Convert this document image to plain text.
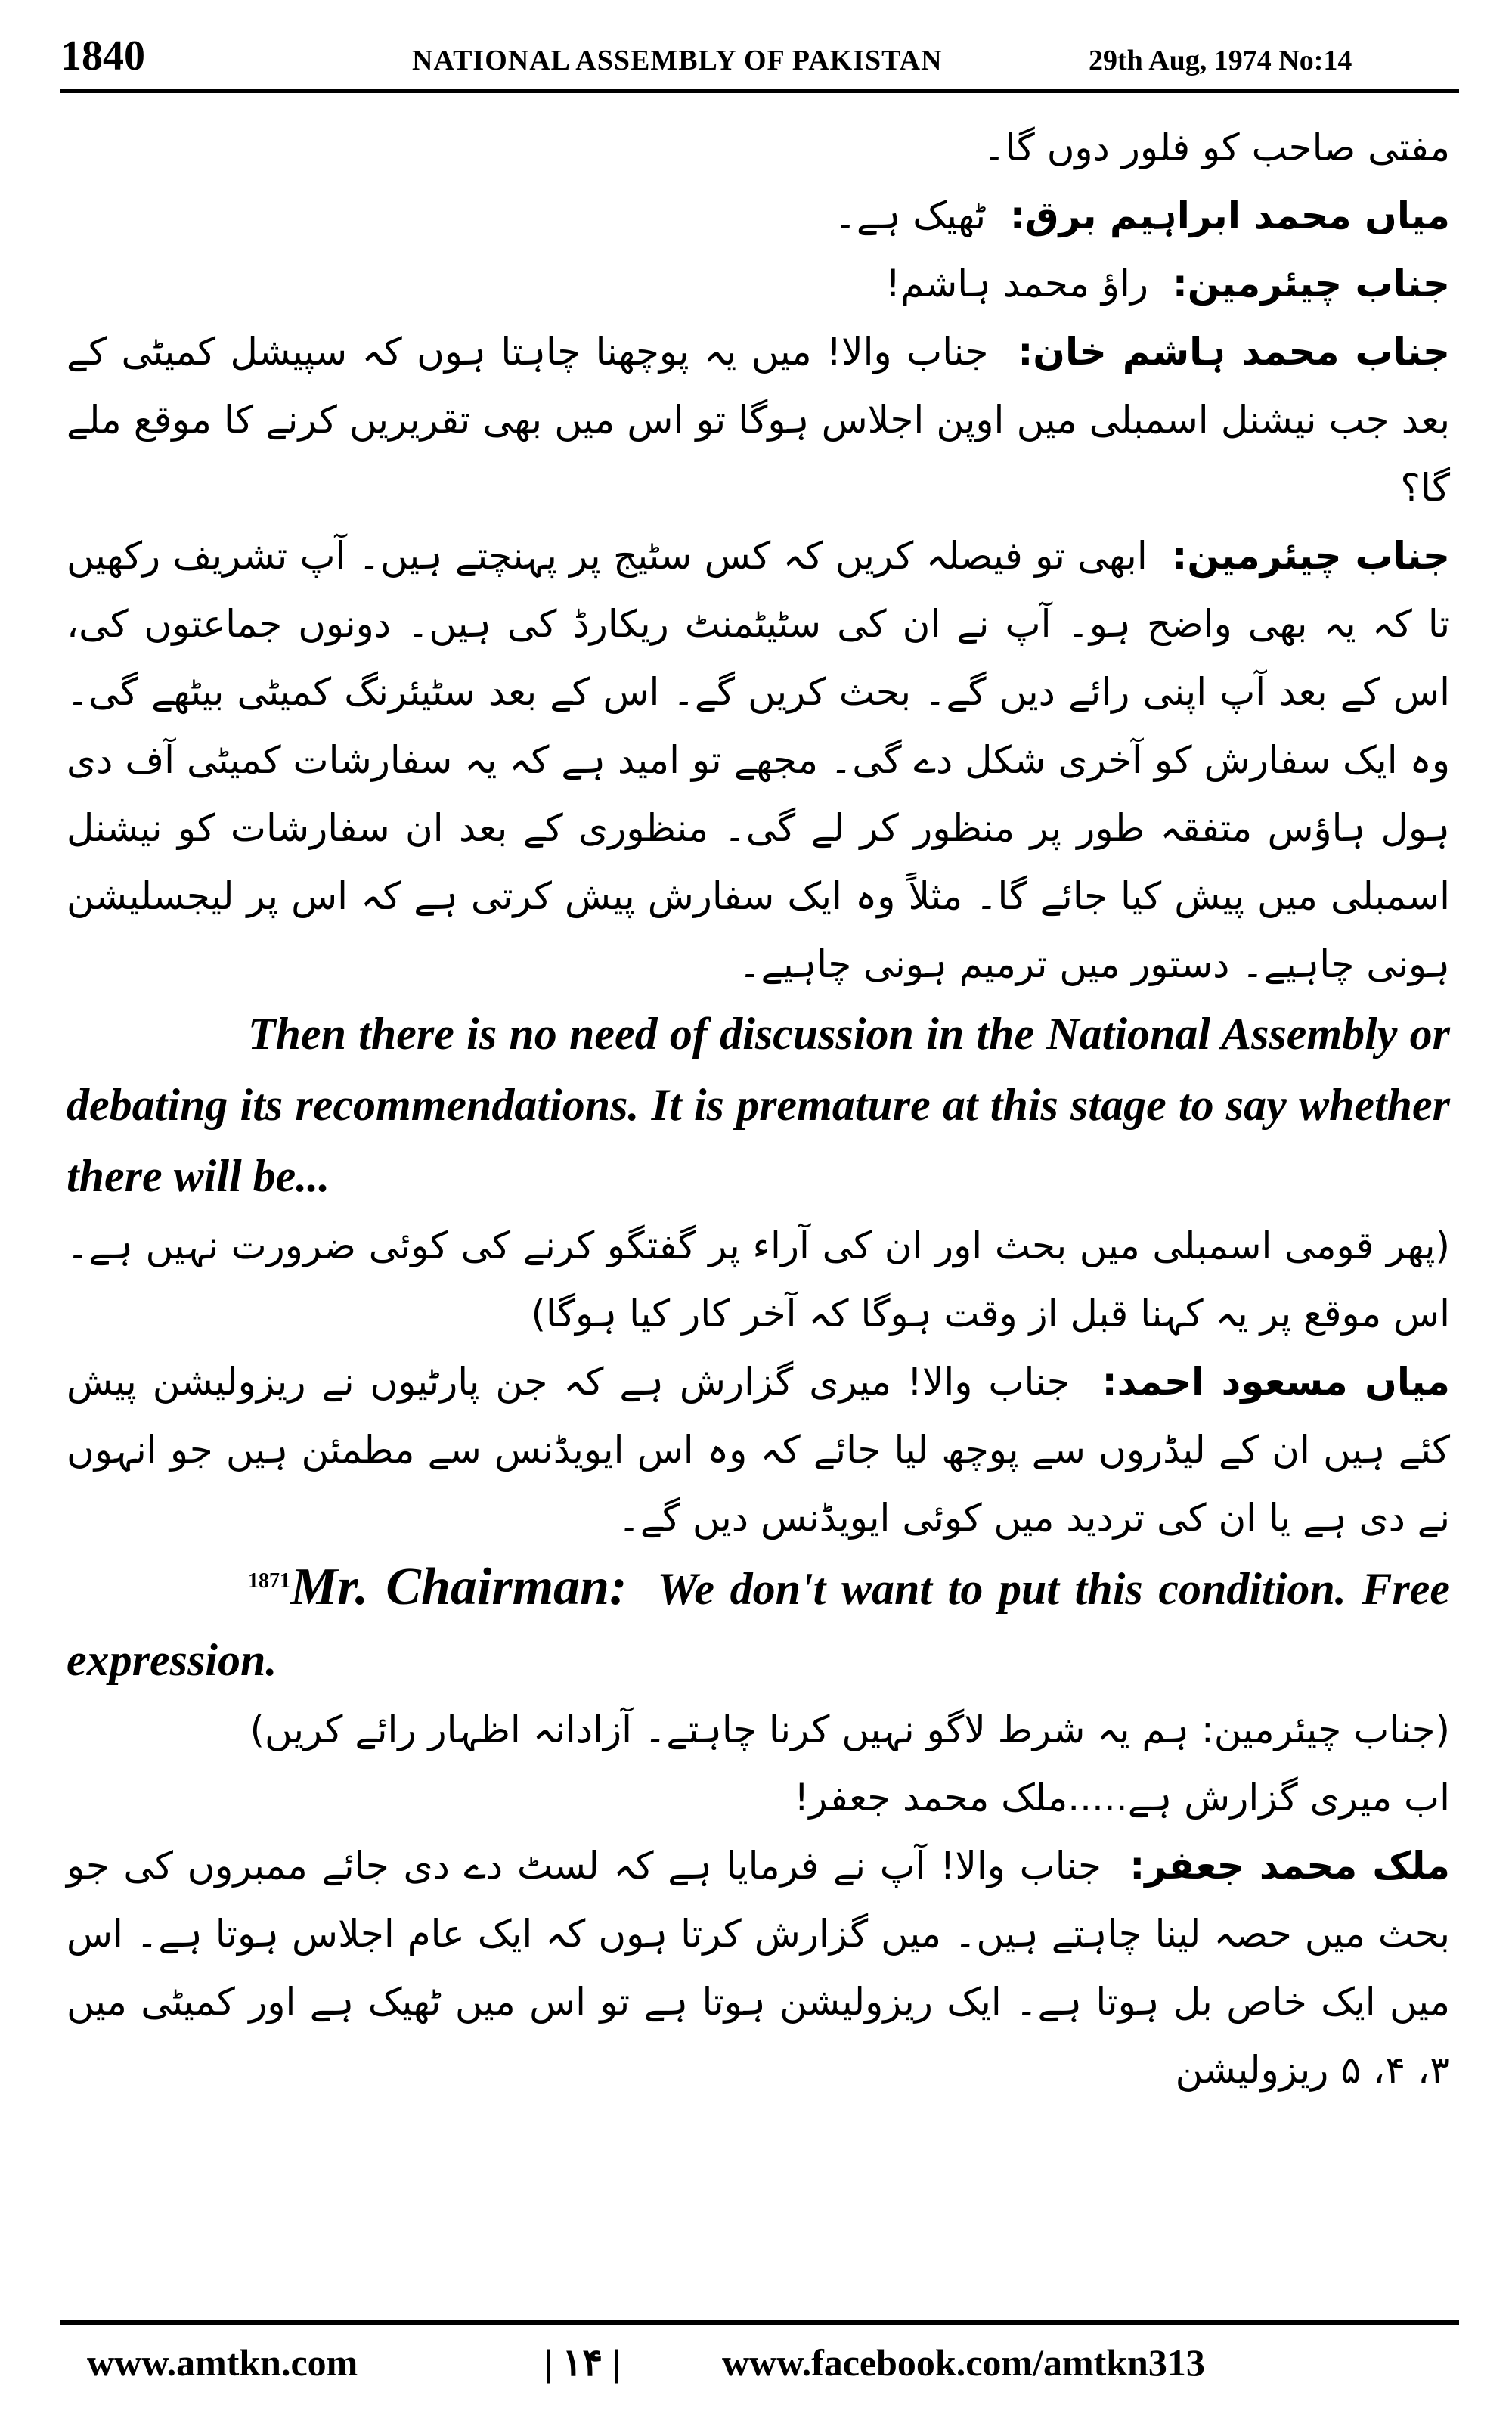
1840	NATIONAL ASSEMBLY OF PAKISTAN	29th Aug, 1974 No:14

مفتی صاحب کو فلور دوں گا۔

میاں محمد ابراہیم برق:  ٹھیک ہے۔

جناب چیئرمین:  راؤ محمد ہاشم!

جناب محمد ہاشم خان:  جناب والا! میں یہ پوچھنا چاہتا ہوں کہ سپیشل کمیٹی کے بعد جب نیشنل اسمبلی میں اوپن اجلاس ہوگا تو اس میں بھی تقریریں کرنے کا موقع ملے گا؟

جناب چیئرمین:  ابھی تو فیصلہ کریں کہ کس سٹیج پر پہنچتے ہیں۔ آپ تشریف رکھیں تا کہ یہ بھی واضح ہو۔ آپ نے ان کی سٹیٹمنٹ ریکارڈ کی ہیں۔ دونوں جماعتوں کی، اس کے بعد آپ اپنی رائے دیں گے۔ بحث کریں گے۔ اس کے بعد سٹیئرنگ کمیٹی بیٹھے گی۔ وہ ایک سفارش کو آخری شکل دے گی۔ مجھے تو امید ہے کہ یہ سفارشات کمیٹی آف دی ہول ہاؤس متفقہ طور پر منظور کر لے گی۔ منظوری کے بعد ان سفارشات کو نیشنل اسمبلی میں پیش کیا جائے گا۔ مثلاً وہ ایک سفارش پیش کرتی ہے کہ اس پر لیجسلیشن ہونی چاہیے۔ دستور میں ترمیم ہونی چاہیے۔

Then there is no need of discussion in the National Assembly or debating its recommendations. It is premature at this stage to say whether there will be...

(پھر قومی اسمبلی میں بحث اور ان کی آراء پر گفتگو کرنے کی کوئی ضرورت نہیں ہے۔ اس موقع پر یہ کہنا قبل از وقت ہوگا کہ آخر کار کیا ہوگا)

میاں مسعود احمد:  جناب والا! میری گزارش ہے کہ جن پارٹیوں نے ریزولیشن پیش کئے ہیں ان کے لیڈروں سے پوچھ لیا جائے کہ وہ اس ایویڈنس سے مطمئن ہیں جو انہوں نے دی ہے یا ان کی تردید میں کوئی ایویڈنس دیں گے۔

$^{1871}$Mr. Chairman: We don't want to put this condition. Free expression.

(جناب چیئرمین: ہم یہ شرط لاگو نہیں کرنا چاہتے۔ آزادانہ اظہار رائے کریں)

اب میری گزارش ہے.....ملک محمد جعفر!

ملک محمد جعفر:  جناب والا! آپ نے فرمایا ہے کہ لسٹ دے دی جائے ممبروں کی جو بحث میں حصہ لینا چاہتے ہیں۔ میں گزارش کرتا ہوں کہ ایک عام اجلاس ہوتا ہے۔ اس میں ایک خاص بل ہوتا ہے۔ ایک ریزولیشن ہوتا ہے تو اس میں ٹھیک ہے اور کمیٹی میں ۳، ۴، ۵ ریزولیشن

www.amtkn.com	| ۱۴ |	www.facebook.com/amtkn313
